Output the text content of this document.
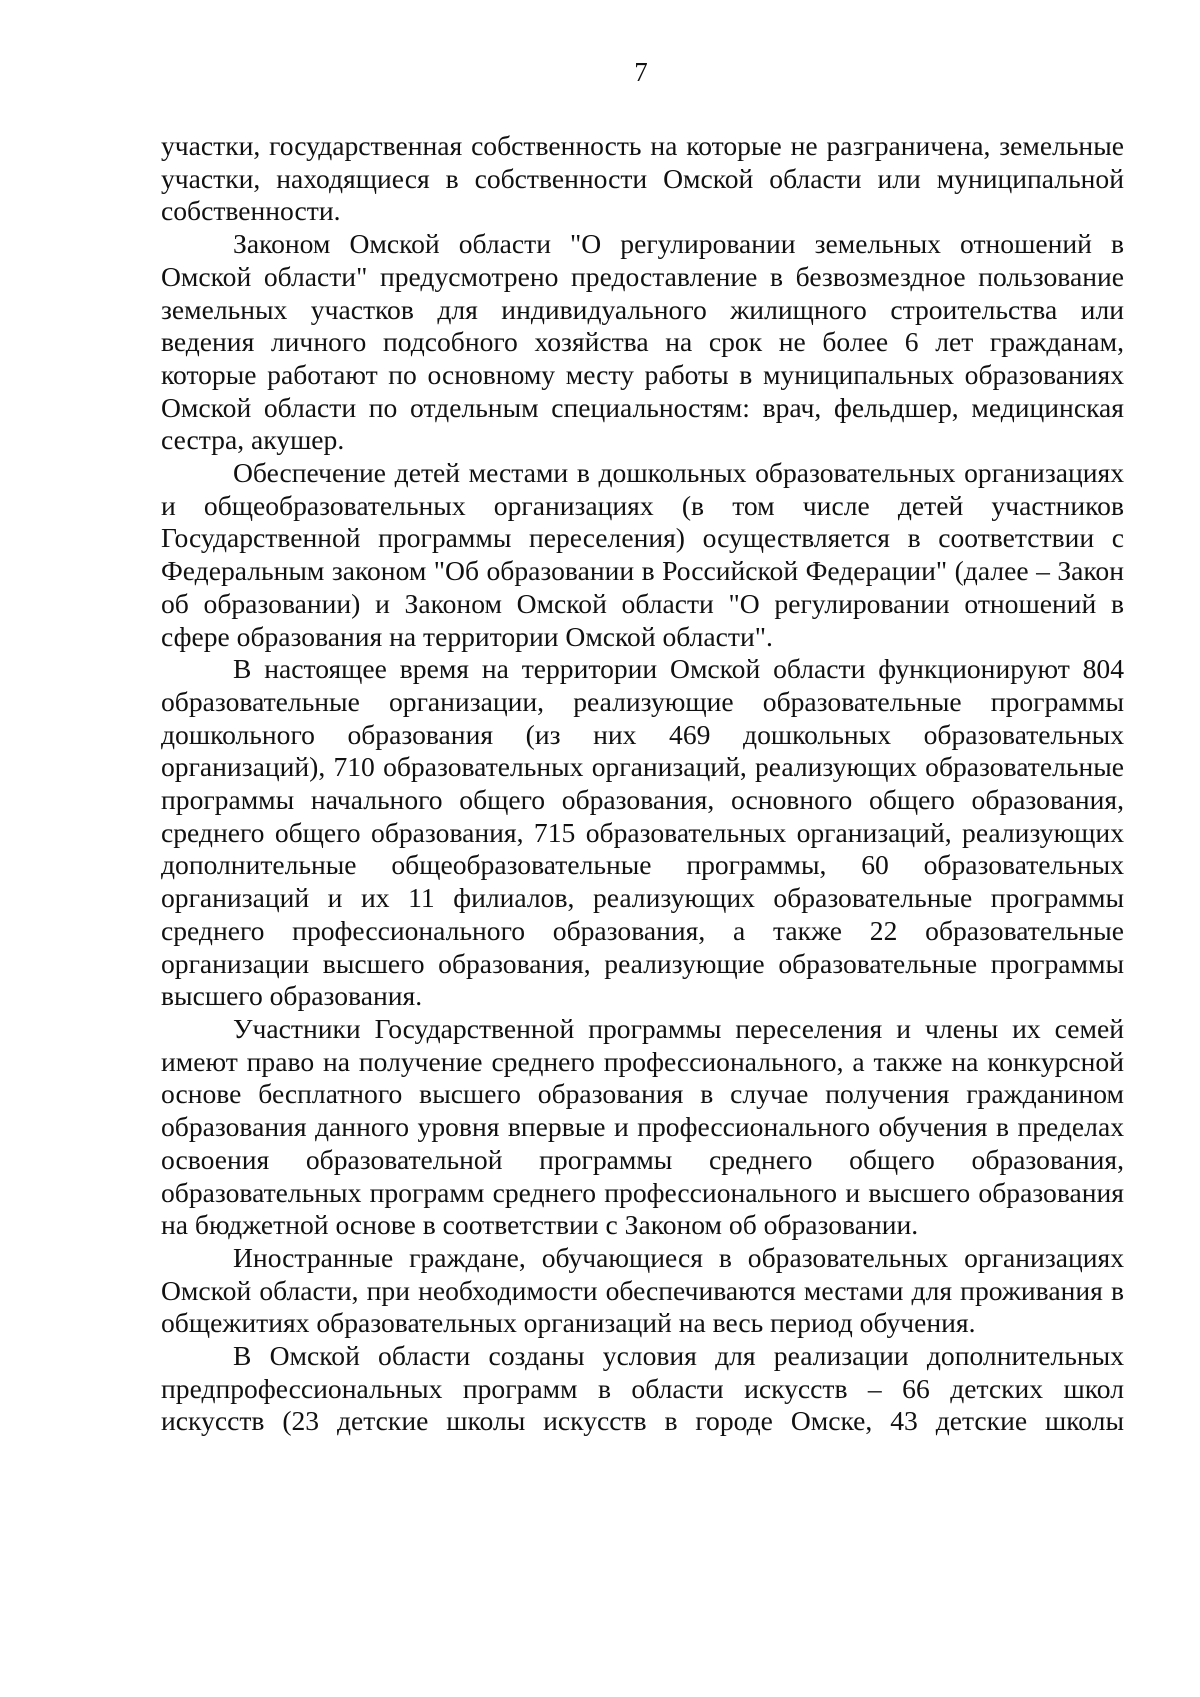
7

участки, государственная собственность на которые не разграничена, земельные участки, находящиеся в собственности Омской области или муниципальной собственности.

Законом Омской области "О регулировании земельных отношений в Омской области" предусмотрено предоставление в безвозмездное пользование земельных участков для индивидуального жилищного строительства или ведения личного подсобного хозяйства на срок не более 6 лет гражданам, которые работают по основному месту работы в муниципальных образованиях Омской области по отдельным специальностям: врач, фельдшер, медицинская сестра, акушер.

Обеспечение детей местами в дошкольных образовательных организациях и общеобразовательных организациях (в том числе детей участников Государственной программы переселения) осуществляется в соответствии с Федеральным законом "Об образовании в Российской Федерации" (далее – Закон об образовании) и Законом Омской области "О регулировании отношений в сфере образования на территории Омской области".

В настоящее время на территории Омской области функционируют 804 образовательные организации, реализующие образовательные программы дошкольного образования (из них 469 дошкольных образовательных организаций), 710 образовательных организаций, реализующих образовательные программы начального общего образования, основного общего образования, среднего общего образования, 715 образовательных организаций, реализующих дополнительные общеобразовательные программы, 60 образовательных организаций и их 11 филиалов, реализующих образовательные программы среднего профессионального образования, а также 22 образовательные организации высшего образования, реализующие образовательные программы высшего образования.

Участники Государственной программы переселения и члены их семей имеют право на получение среднего профессионального, а также на конкурсной основе бесплатного высшего образования в случае получения гражданином образования данного уровня впервые и профессионального обучения в пределах освоения образовательной программы среднего общего образования, образовательных программ среднего профессионального и высшего образования на бюджетной основе в соответствии с Законом об образовании.

Иностранные граждане, обучающиеся в образовательных организациях Омской области, при необходимости обеспечиваются местами для проживания в общежитиях образовательных организаций на весь период обучения.

В Омской области созданы условия для реализации дополнительных предпрофессиональных программ в области искусств – 66 детских школ искусств (23 детские школы искусств в городе Омске, 43 детские школы
